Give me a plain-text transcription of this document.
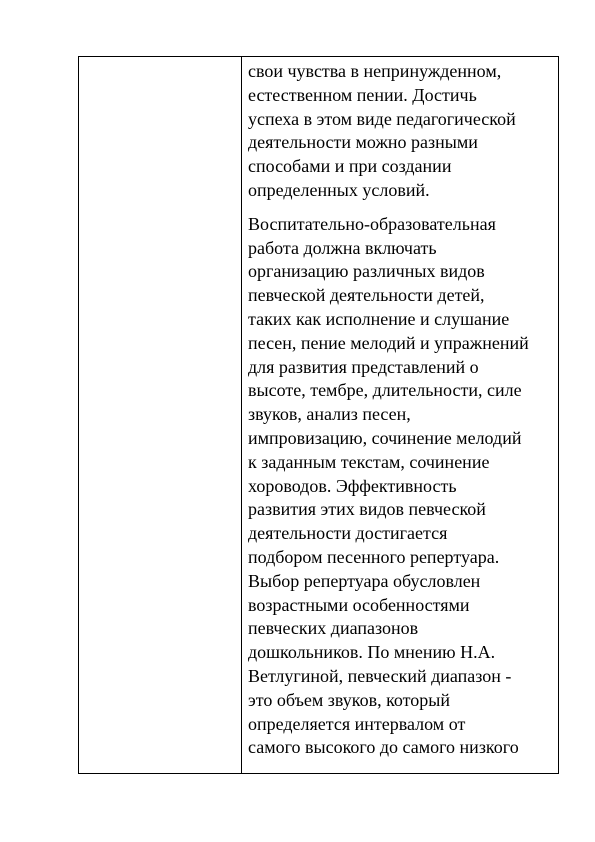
свои чувства в непринужденном,
естественном пении. Достичь
успеха в этом виде педагогической
деятельности можно разными
способами и при создании
определенных условий.

Воспитательно-образовательная
работа должна включать
организацию различных видов
певческой деятельности детей,
таких как исполнение и слушание
песен, пение мелодий и упражнений
для развития представлений о
высоте, тембре, длительности, силе
звуков, анализ песен,
импровизацию, сочинение мелодий
к заданным текстам, сочинение
хороводов. Эффективность
развития этих видов певческой
деятельности достигается
подбором песенного репертуара.
Выбор репертуара обусловлен
возрастными особенностями
певческих диапазонов
дошкольников. По мнению Н.А.
Ветлугиной, певческий диапазон -
это объем звуков, который
определяется интервалом от
самого высокого до самого низкого
